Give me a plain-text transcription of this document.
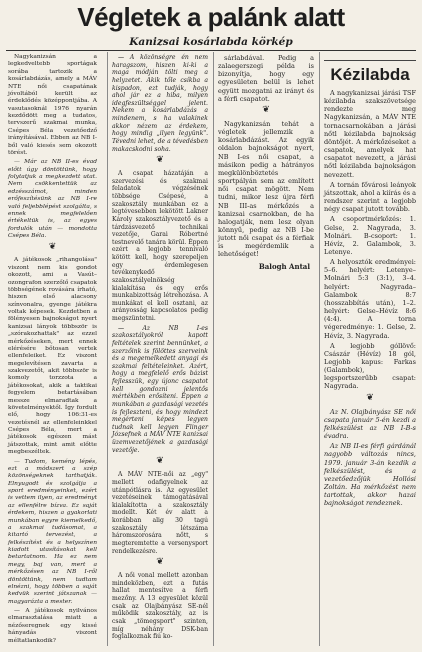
Végletek a palánk alatt
Kanizsai kosárlabda körkép

Nagykanizsán a legkedveltebb sportágak sorába tartozik a kosárlabdázás, amely a MÁV NTE női csapatának jóvoltából került az érdeklődés középpontjába. A vasutasoknál 1976 nyarán kezdődött meg a tudatos, tervszerű szakmai munka, Csépes Béla vezetőedző irányításával. Ebben az NB I-ből való kiesés sem okozott törést.

— Már az NB II-es évad előtt úgy döntöttünk, hogy folytatjuk a megkezdett utat. Nem csökkentettük az edzésszámot, minden erőfeszítésünk az NB I-re való feljebblépést szolgálta, s ennek megfelelően értékeltük is, az egyes fordulók után — mondotta Csépes Béla.

❦

A játékosok „rihangolása" viszont nem kis gondot okozott, ami a Vasút–ozongrafon szerzőlő csapatok többségének rovására írható, hiszen első alacsony színvonalra, gyenge játékra voltak képesek. Kezdetben a fölényesen bajnokságot nyert kanizsai lányok többször is „szórakozhattak" az ezzel mérkőzéseken, mert ennek elérésére bőtosan vertek ellenfeleiket. Ez viszont megelevítésen zavarta a szakvezetőt, akit többször is komoly torzzota a játékosokat, akik a taktikai fegyelem betartásában messze elmaradtak a követelményektől. Így fordult elő, hogy 106:31-es vezetésnél az ellenfeleinkkel Csépes Béla, mert a játékosok egészen mást játszottak, mint amit előtte megbeszéltek.

— Tudom, kemény lépés, ezt a módszert a szép közönségeknek tarthatják. Elnyugodt és szolgálja a sport eredményeinket, ezért is vettem ilyen, az eredményt az ellenfélre bízva. Ez saját érdekem, hiszen a gyakorlati munkában egyre kiemelkedő, a szakmai tudásomat, a kitartó tervezést, a felkészítést és a helyszínen kiadott utasításokat kell betartatnom. Ha ez nem megy, baj van, mert a mérkőzésen az NB I-ről döntöttünk, nem tudtam elnézni, hogy többen a saját kedvük szerint játszanak — magyarázta a mester.

— A játékosok nyilvános elmarasztalása miatt a nézőseregnek egy kissé hányadás viszont méltatlankodik?

— A közönségre én nem haragszom, hiszen ki-ki a maga módján tölti meg a helyzetet. Akik tőle csíkba a kispadon, ezt tudják, hogy ahol jár ez a hiba, milyen idegfeszültséggel jelent. Nekem a kosárlabdázás a mindenem, s ha valakinek akkor nézem az érdekem, hogy mindig „ilyen legyünk". Tévedni lehet, de a tévedésben makacskodni soha.

❦

A csapat házatáján a szervezési és szakmai feladatok végzésének többsége Csépesé, a szakosztály munkában ez a legtévesebben lekötött Lakner Károly szakosztályvezető és a tárdzásvezető technikai vezetője, Garai Róbertné testnevelő tanára körül. Éppen ezért a legjobb tennivaló kötött kell, hogy szerepeljen egy érdemlegesen tevékenykedő szakosztályelnökség kialakítása és egy erős munkabizottság létrehozása. A munkákat el kell osztani, az arányosság kapcsolatos pedig megszüntetni.

— Az NB I-es szakosztályokról kapott feltételek szerint bennünket, a szerzőink is fölöttes szerveink és a megemelkedett anyagi és szakmai feltételeinket. Azért, hogy a megfelelő erős bázist fejlesszük, egy újonc csapatot kell gondozni jelentős mértékben erősíteni. Éppen a munkában a gazdasági vezetés is fejleszteni, és hogy mindezt megérteni képes legyen tudnak kell legyen Flinger Józsefnek a MÁV NTE kanizsai üzemvezetőjének a gazdasági vezetője.

❦

A MÁV NTE-női az „egy" mellett odafigyelnek az utánpótlásra is. Az egyesület vezetéseinek támogatásával kialakította a szakosztály modellt. Két év alatt a korábban alig 30 tagú szakosztály létszáma háromszorosára nőtt, s megteremtette a versenysport rendelkezésre.

❦

A női vonal mellett azonban mindeközben, ezt a futás hallat mentesítve a férfi mezőny. A 13 egyesület közül csak az Olajbányász SE-nél működik szakosztály, az is csak „tömegsport" szinten, míg néhány DSK-ban foglalkoznak fiú ko-

sárlabdával. Pedig a zalaegerszegi példa is bizonyítja, hogy egy egyesületen belül is lehet együtt mozgatni az irányt és a férfi csapatot.

❦

Nagykanizsán tehát a végletek jellemzik a kosárlabdázást. Az egyik oldalon bajnokságot nyert, NB I-es női csapat, a másikon pedig a hátrányos megkülönböztetés sportpályán sem az említett női csapat mögött. Nem tudni, mikor lesz újra férfi NB III-as mérkőzés a kanizsai csarnokban, de ha halogatják, nem lesz olyan könnyű, pedig az NB I-be jutott női csapat és a férfiak is megérdemlik a lehetőséget!

Balogh Antal
Kézilabda

A nagykanizsai járási TSF kézilabda szakszövetsége rendezte meg Nagykanizsán, a MÁV NTE tornacsarnokában a járási nőtl kézilabda bajnokság döntőjét. A mérkőzéseket a csapatok, amelyek hat csapatot nevezett, a járási nőtl kézilabda bajnokságon nevezett.

A tornán fővárosi leányok játszottak, ahol a kiírás és a rendszer szerint a legjobb négy csapat jutott tovább.

A csoportmérkőzés: 1. Gelse, 2. Nagyrada, 3. Molnári. B-csoport: 1. Hévíz, 2. Galambok, 3. Letenye.

A helyosztók eredményei: 5–6. helyért: Letenye–Molnári 5:3 (3:1), 3–4. helyért: Nagyrada–Galambok 8:7 (hosszabbítás után), 1–2. helyért: Gelse–Hévíz 8:6 (4:4). A torna végeredménye: 1. Gelse, 2. Hévíz, 3. Nagyrada.

A legjobb góllövő: Császár (Hévíz) 18 gól, Legjobb kapus: Farkas (Galambok), legsportszerűbb csapat: Nagyrada.

❦

Az N. Olajbányász SE női csapata január 5-én kezdi a felkészülést az NB I-B-s évadra.

Az NB II-es férfi gárdánál nagyobb változás nincs, 1979. január 3-án kezdik a felkészülést, és a vezetőedzőjük Hollósi Zoltán. Ha mérkőzést nem tartottak, akkor hazai bajnokságot rendeznek.
